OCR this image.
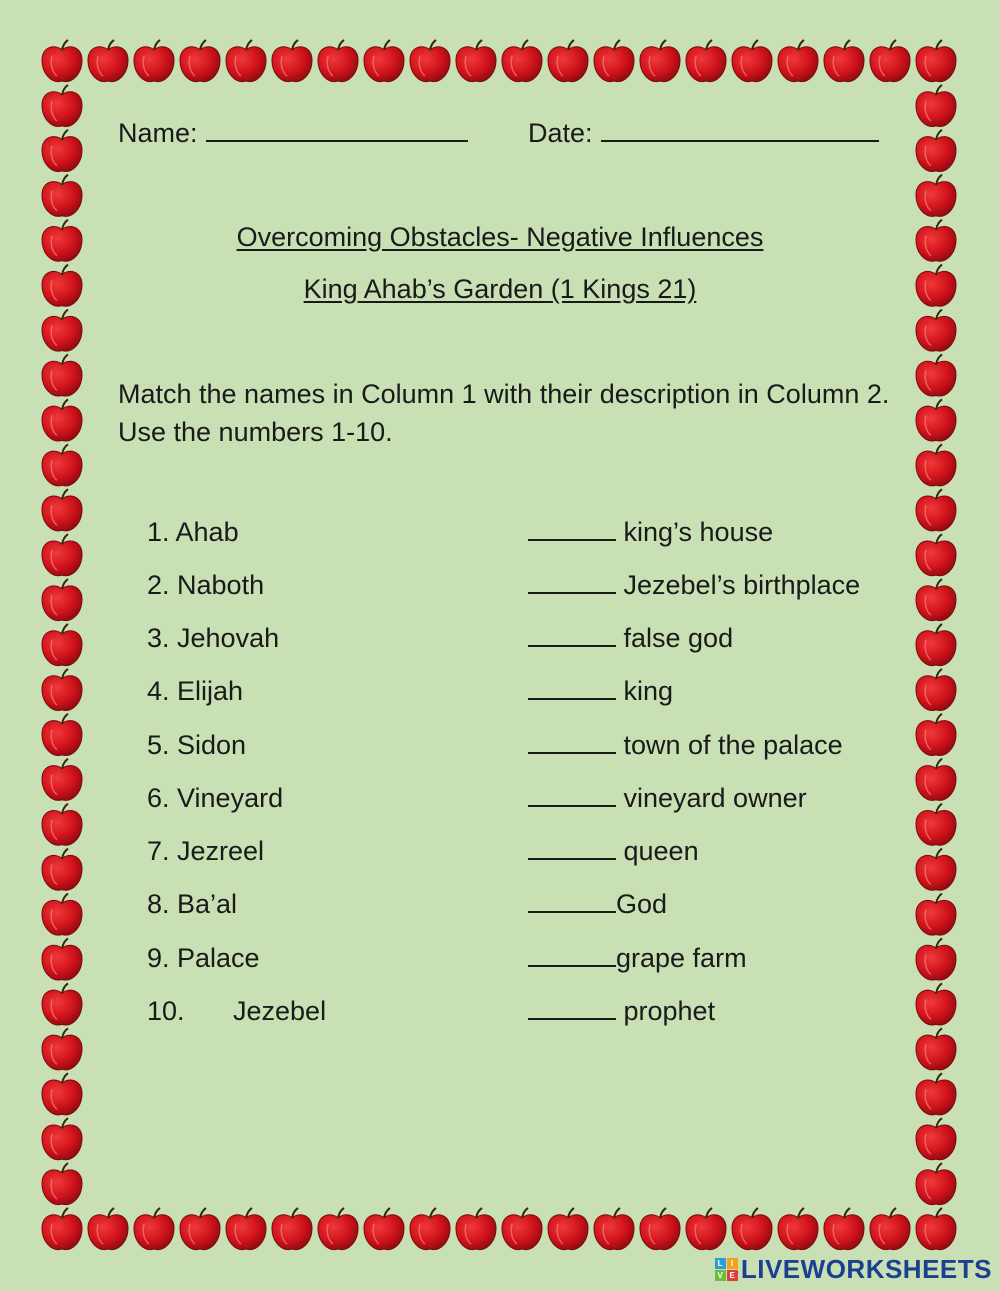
Name:	Date:
Overcoming Obstacles- Negative Influences
King Ahab’s Garden (1 Kings 21)
Match the names in Column 1 with their description in Column 2. Use the numbers 1-10.
1. Ahab
2. Naboth
3. Jehovah
4. Elijah
5. Sidon
6. Vineyard
7. Jezreel
8. Ba’al
9. Palace
10. Jezebel
king’s house
Jezebel’s birthplace
false god
king
town of the palace
vineyard owner
queen
God
grape farm
prophet
L I
V E LIVEWORKSHEETS
